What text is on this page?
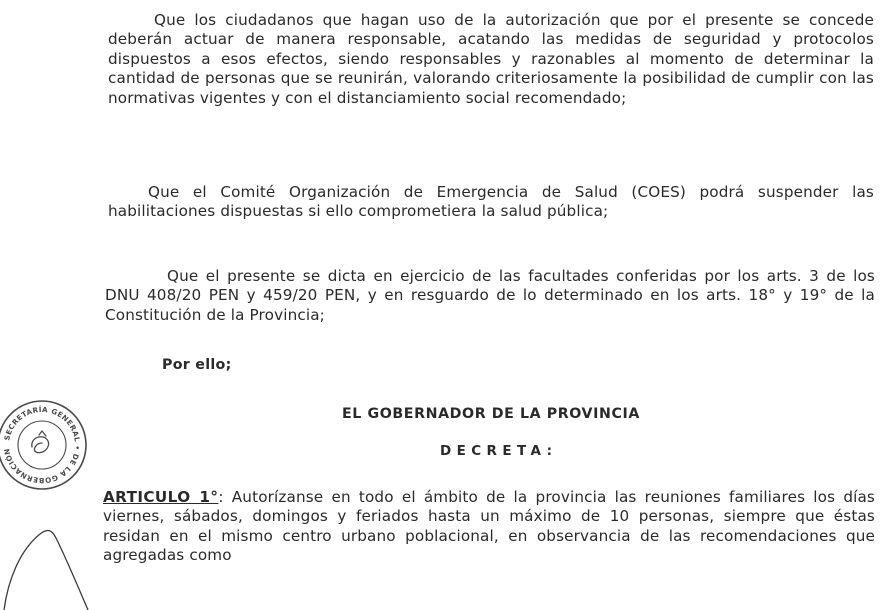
Que los ciudadanos que hagan uso de la autorización que por el presente se concede deberán actuar de manera responsable, acatando las medidas de seguridad y protocolos dispuestos a esos efectos, siendo responsables y razonables al momento de determinar la cantidad de personas que se reunirán, valorando criteriosamente la posibilidad de cumplir con las normativas vigentes y con el distanciamiento social recomendado;

Que el Comité Organización de Emergencia de Salud (COES) podrá suspender las habilitaciones dispuestas si ello comprometiera la salud pública;

Que el presente se dicta en ejercicio de las facultades conferidas por los arts. 3 de los DNU 408/20 PEN y 459/20 PEN, y en resguardo de lo determinado en los arts. 18° y 19° de la Constitución de la Provincia;

Por ello;
EL GOBERNADOR DE LA PROVINCIA
DECRETA:

ARTICULO 1°: Autorízanse en todo el ámbito de la provincia las reuniones familiares los días viernes, sábados, domingos y feriados hasta un máximo de 10 personas, siempre que éstas residan en el mismo centro urbano poblacional, en observancia de las recomendaciones que agregadas como

SECRETARÍA GENERAL • DE LA GOBERNACIÓN
